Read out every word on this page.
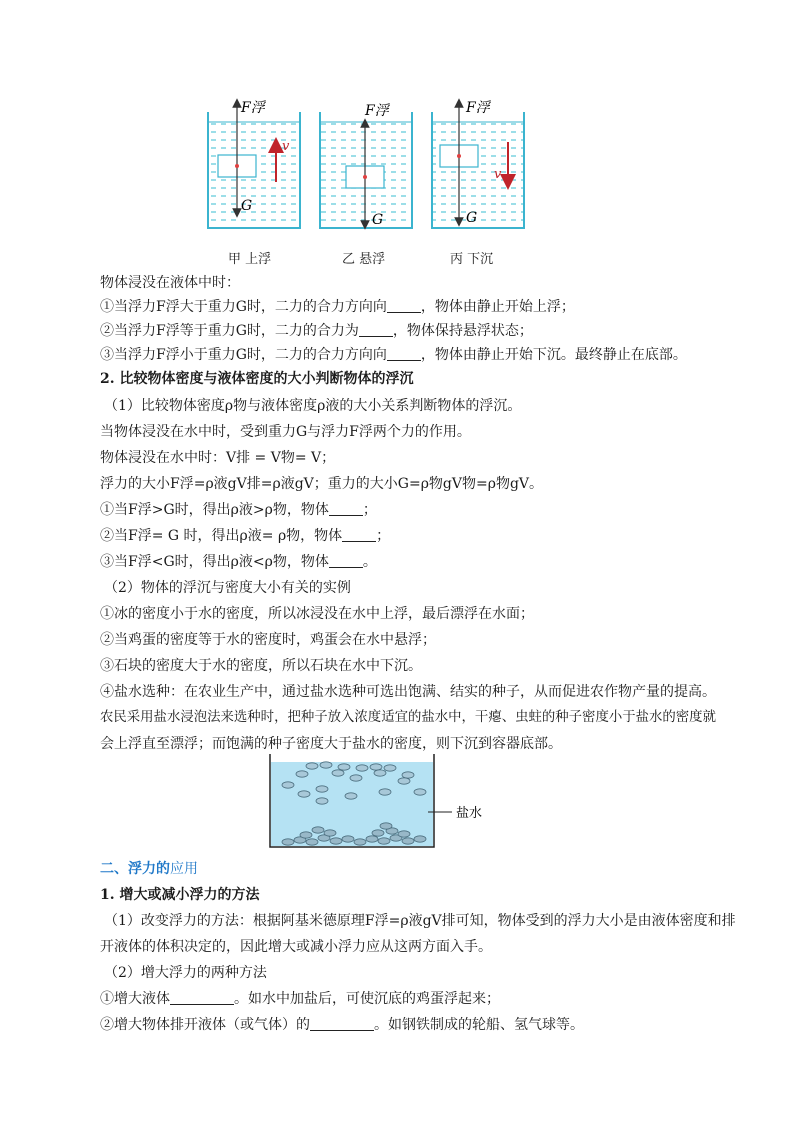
F浮
G
v
F浮
G
F浮
G
v
甲 上浮	乙 悬浮	丙 下沉
物体浸没在液体中时：
①当浮力F浮大于重力G时，二力的合力方向向 ，物体由静止开始上浮；
②当浮力F浮等于重力G时，二力的合力为 ，物体保持悬浮状态；
③当浮力F浮小于重力G时，二力的合力方向向 ，物体由静止开始下沉。最终静止在底部。
2. 比较物体密度与液体密度的大小判断物体的浮沉
（1）比较物体密度ρ物与液体密度ρ液的大小关系判断物体的浮沉。
当物体浸没在水中时，受到重力G与浮力F浮两个力的作用。
物体浸没在水中时：V排 = V物= V；
浮力的大小F浮=ρ液gV排=ρ液gV；重力的大小G=ρ物gV物=ρ物gV。
①当F浮>G时，得出ρ液>ρ物，物体 ；
②当F浮= G 时，得出ρ液= ρ物，物体 ；
③当F浮<G时，得出ρ液<ρ物，物体 。
（2）物体的浮沉与密度大小有关的实例
①冰的密度小于水的密度，所以冰浸没在水中上浮，最后漂浮在水面；
②当鸡蛋的密度等于水的密度时，鸡蛋会在水中悬浮；
③石块的密度大于水的密度，所以石块在水中下沉。
④盐水选种：在农业生产中，通过盐水选种可选出饱满、结实的种子，从而促进农作物产量的提高。
农民采用盐水浸泡法来选种时，把种子放入浓度适宜的盐水中，干瘪、虫蛀的种子密度小于盐水的密度就
会上浮直至漂浮；而饱满的种子密度大于盐水的密度，则下沉到容器底部。
盐水
二、浮力的应用
1. 增大或减小浮力的方法
（1）改变浮力的方法：根据阿基米德原理F浮=ρ液gV排可知，物体受到的浮力大小是由液体密度和排
开液体的体积决定的，因此增大或减小浮力应从这两方面入手。
（2）增大浮力的两种方法
①增大液体	。如水中加盐后，可使沉底的鸡蛋浮起来；
②增大物体排开液体（或气体）的	。如钢铁制成的轮船、氢气球等。
